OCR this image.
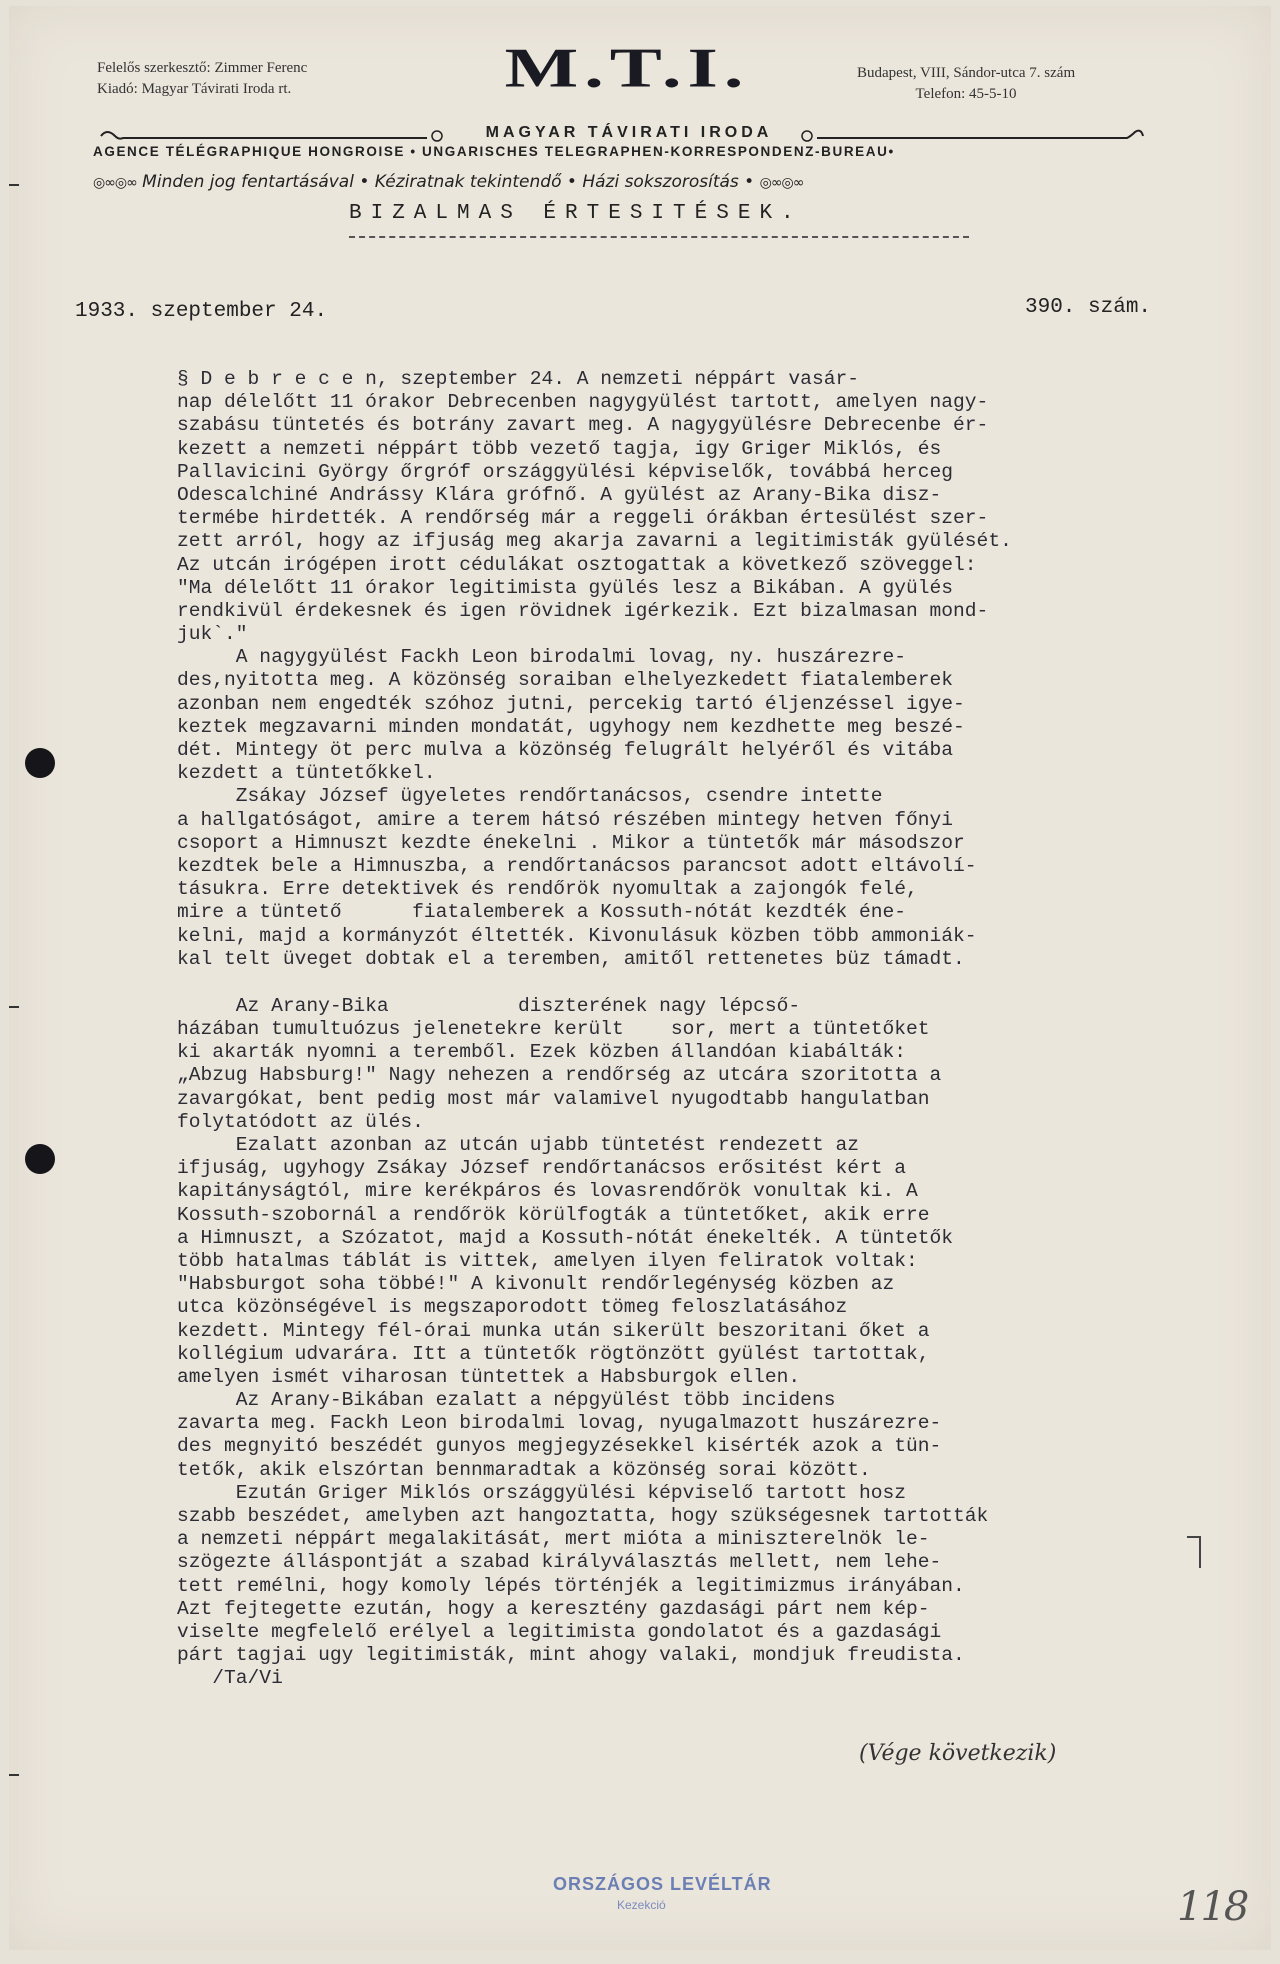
Felelős szerkesztő: Zimmer Ferenc
Kiadó: Magyar Távirati Iroda rt.	M.T.I.	Budapest, VIII, Sándor-utca 7. szám
Telefon: 45-5-10
MAGYAR TÁVIRATI IRODA
AGENCE TÉLÉGRAPHIQUE HONGROISE • UNGARISCHES TELEGRAPHEN-KORRESPONDENZ-BUREAU•
◎∞◎∞ Minden jog fentartásával • Kéziratnak tekintendő • Házi sokszorosítás • ◎∞◎∞
BIZALMAS ÉRTESITÉSEK.
1933. szeptember 24.	390. szám.
§ D e b r e c e n, szeptember 24. A nemzeti néppárt vasár-
nap délelőtt 11 órakor Debrecenben nagygyülést tartott, amelyen nagy-
szabásu tüntetés és botrány zavart meg. A nagygyülésre Debrecenbe ér-
kezett a nemzeti néppárt több vezető tagja, igy Griger Miklós, és
Pallavicini György őrgróf országgyülési képviselők, továbbá herceg
Odescalchiné Andrássy Klára grófnő. A gyülést az Arany-Bika disz-
termébe hirdették. A rendőrség már a reggeli órákban értesülést szer-
zett arról, hogy az ifjuság meg akarja zavarni a legitimisták gyülését.
Az utcán irógépen irott cédulákat osztogattak a következő szöveggel:
"Ma délelőtt 11 órakor legitimista gyülés lesz a Bikában. A gyülés
rendkivül érdekesnek és igen rövidnek igérkezik. Ezt bizalmasan mond-
juk`."
A nagygyülést Fackh Leon birodalmi lovag, ny. huszárezre-
des,nyitotta meg. A közönség soraiban elhelyezkedett fiatalemberek
azonban nem engedték szóhoz jutni, percekig tartó éljenzéssel igye-
keztek megzavarni minden mondatát, ugyhogy nem kezdhette meg beszé-
dét. Mintegy öt perc mulva a közönség felugrált helyéről és vitába
kezdett a tüntetőkkel.
Zsákay József ügyeletes rendőrtanácsos, csendre intette
a hallgatóságot, amire a terem hátsó részében mintegy hetven főnyi
csoport a Himnuszt kezdte énekelni . Mikor a tüntetők már másodszor
kezdtek bele a Himnuszba, a rendőrtanácsos parancsot adott eltávolí-
tásukra. Erre detektivek és rendőrök nyomultak a zajongók felé,
mire a tüntető      fiatalemberek a Kossuth-nótát kezdték éne-
kelni, majd a kormányzót éltették. Kivonulásuk közben több ammoniák-
kal telt üveget dobtak el a teremben, amitől rettenetes büz támadt.
Az Arany-Bika           diszterének nagy lépcső-
házában tumultuózus jelenetekre került    sor, mert a tüntetőket
ki akarták nyomni a teremből. Ezek közben állandóan kiabálták:
„Abzug Habsburg!" Nagy nehezen a rendőrség az utcára szoritotta a
zavargókat, bent pedig most már valamivel nyugodtabb hangulatban
folytatódott az ülés.
Ezalatt azonban az utcán ujabb tüntetést rendezett az
ifjuság, ugyhogy Zsákay József rendőrtanácsos erősitést kért a
kapitányságtól, mire kerékpáros és lovasrendőrök vonultak ki. A
Kossuth-szobornál a rendőrök körülfogták a tüntetőket, akik erre
a Himnuszt, a Szózatot, majd a Kossuth-nótát énekelték. A tüntetők
több hatalmas táblát is vittek, amelyen ilyen feliratok voltak:
"Habsburgot soha többé!" A kivonult rendőrlegénység közben az
utca közönségével is megszaporodott tömeg feloszlatásához
kezdett. Mintegy fél-órai munka után sikerült beszoritani őket a
kollégium udvarára. Itt a tüntetők rögtönzött gyülést tartottak,
amelyen ismét viharosan tüntettek a Habsburgok ellen.
Az Arany-Bikában ezalatt a népgyülést több incidens
zavarta meg. Fackh Leon birodalmi lovag, nyugalmazott huszárezre-
des megnyitó beszédét gunyos megjegyzésekkel kisérték azok a tün-
tetők, akik elszórtan bennmaradtak a közönség sorai között.
Ezután Griger Miklós országgyülési képviselő tartott hosz
szabb beszédet, amelyben azt hangoztatta, hogy szükségesnek tartották
a nemzeti néppárt megalakitását, mert mióta a miniszterelnök le-
szögezte álláspontját a szabad királyválasztás mellett, nem lehe-
tett remélni, hogy komoly lépés történjék a legitimizmus irányában.
Azt fejtegette ezután, hogy a keresztény gazdasági párt nem kép-
viselte megfelelő erélyel a legitimista gondolatot és a gazdasági
párt tagjai ugy legitimisták, mint ahogy valaki, mondjuk freudista.
/Ta/Vi
(Vége következik)
ORSZÁGOS LEVÉLTÁR
Kezekció	118
